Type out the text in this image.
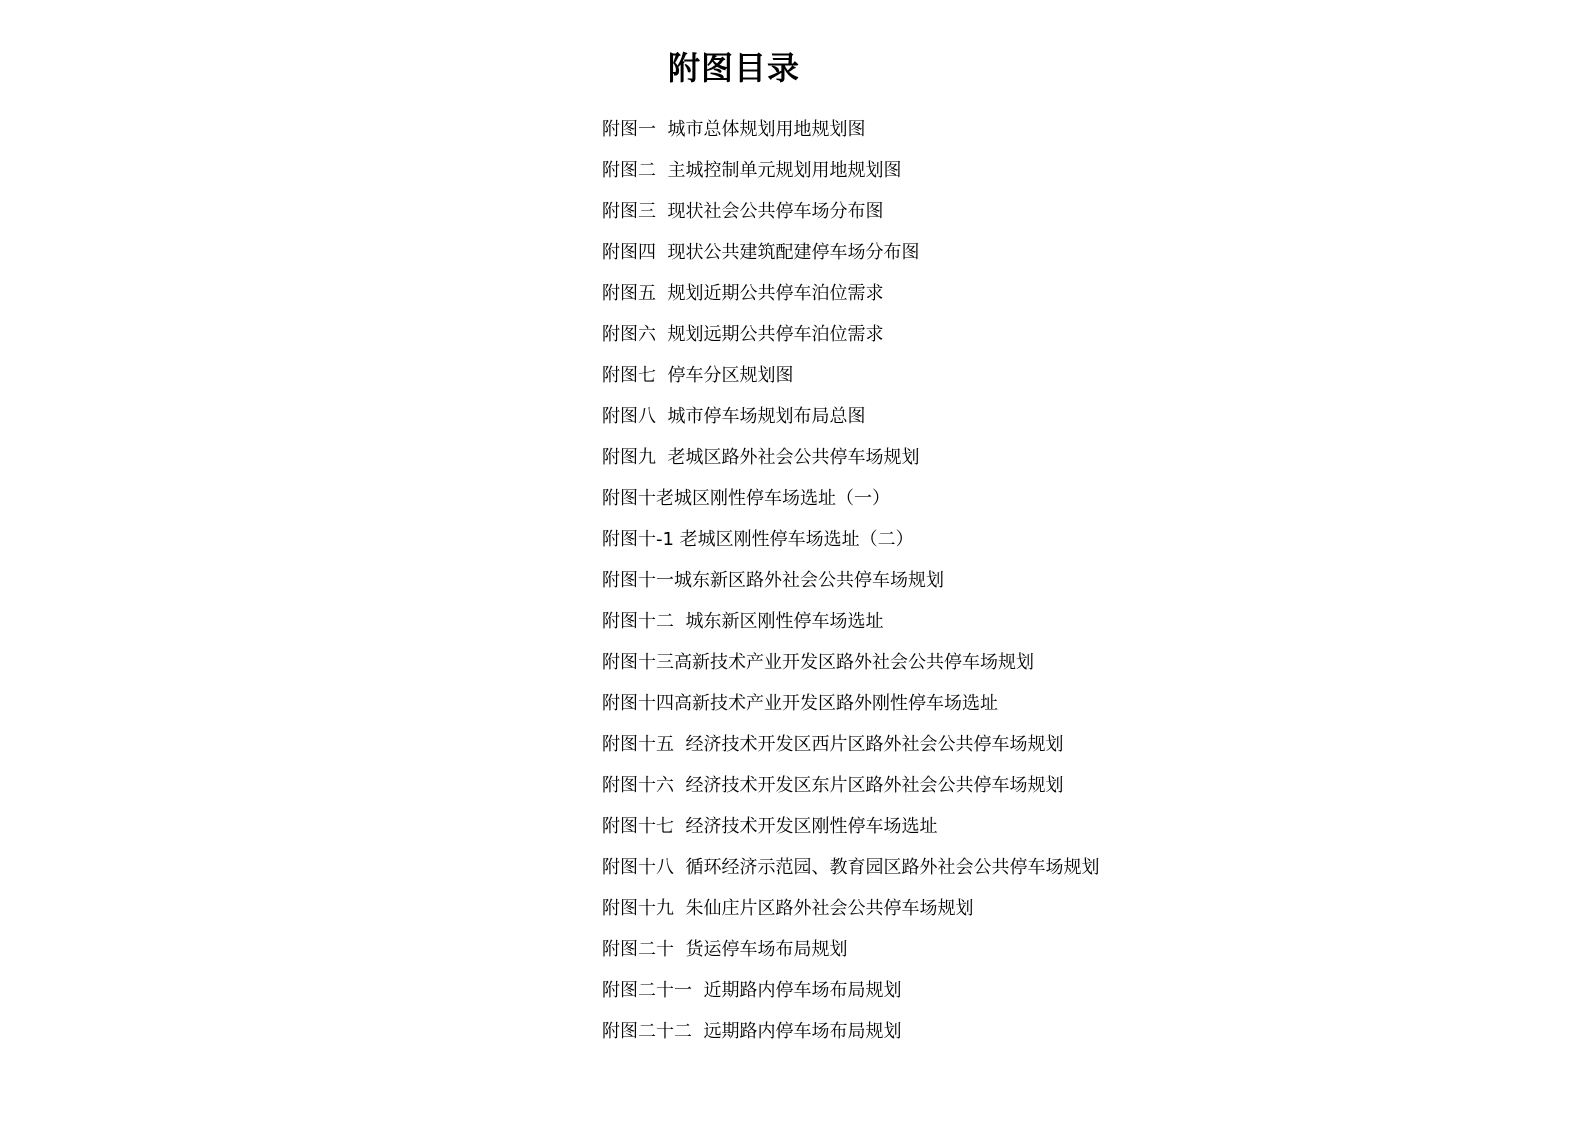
附图目录
附图一  城市总体规划用地规划图
附图二  主城控制单元规划用地规划图
附图三  现状社会公共停车场分布图
附图四  现状公共建筑配建停车场分布图
附图五  规划近期公共停车泊位需求
附图六  规划远期公共停车泊位需求
附图七  停车分区规划图
附图八  城市停车场规划布局总图
附图九  老城区路外社会公共停车场规划
附图十老城区刚性停车场选址（一）
附图十-1 老城区刚性停车场选址（二）
附图十一城东新区路外社会公共停车场规划
附图十二  城东新区刚性停车场选址
附图十三高新技术产业开发区路外社会公共停车场规划
附图十四高新技术产业开发区路外刚性停车场选址
附图十五  经济技术开发区西片区路外社会公共停车场规划
附图十六  经济技术开发区东片区路外社会公共停车场规划
附图十七  经济技术开发区刚性停车场选址
附图十八  循环经济示范园、教育园区路外社会公共停车场规划
附图十九  朱仙庄片区路外社会公共停车场规划
附图二十  货运停车场布局规划
附图二十一  近期路内停车场布局规划
附图二十二  远期路内停车场布局规划
